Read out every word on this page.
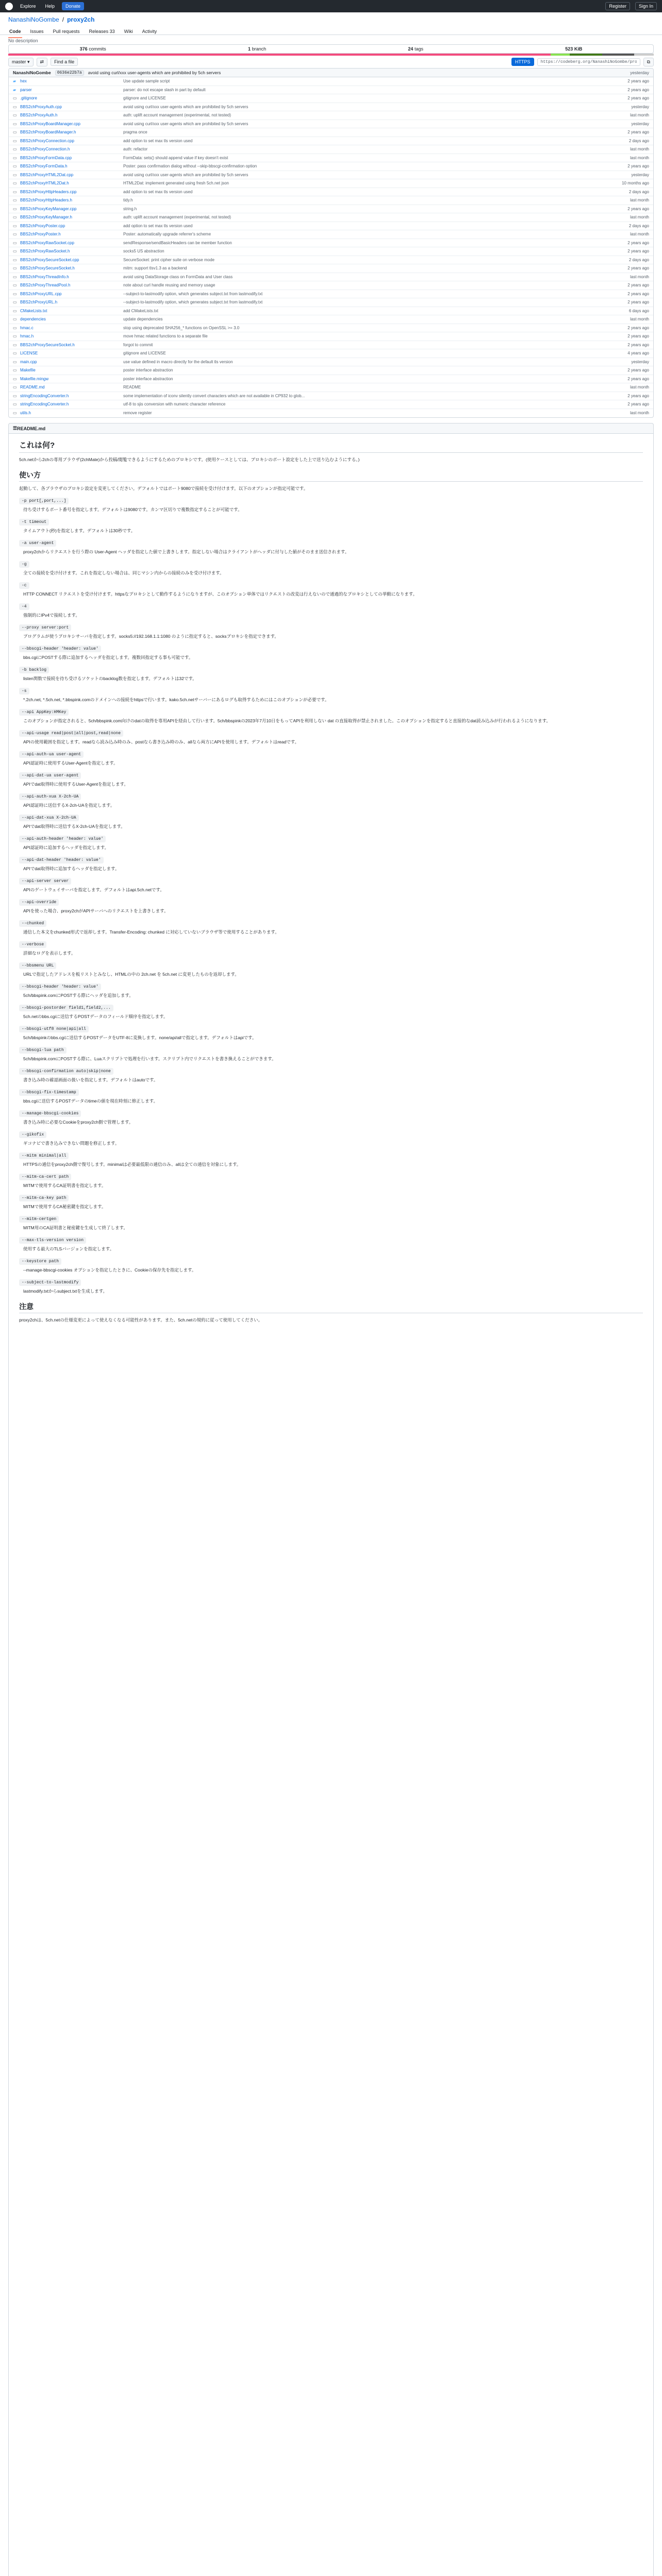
Explore	Help	Donate	Register	Sign In
NanashiNoGombe / proxy2ch
Code Issues Pull requests Releases 33 Wiki Activity
No description
376 commits	1 branch	24 tags	523 KiB
master ▾	⇄	Find a file	HTTPS
https://codeberg.org/NanashiNoGombe/proxy2ch.git	⧉
NanashiNoGombe	0636e22b7a	avoid using curl/xxx user-agents which are prohibited by 5ch servers	yesterday
▰ hex	Use update sample script	2 years ago
▰ parser	parser: do not escape slash in part by default	2 years ago
▭ .gitignore	gitignore and LICENSE	2 years ago
▭ BBS2chProxyAuth.cpp	avoid using curl/xxx user-agents which are prohibited by 5ch servers	yesterday
▭ BBS2chProxyAuth.h	auth: uplift account management (experimental, not tested)	last month
▭ BBS2chProxyBoardManager.cpp	avoid using curl/xxx user-agents which are prohibited by 5ch servers	yesterday
▭ BBS2chProxyBoardManager.h	pragma once	2 years ago
▭ BBS2chProxyConnection.cpp	add option to set max tls version used	2 days ago
▭ BBS2chProxyConnection.h	auth: refactor	last month
▭ BBS2chProxyFormData.cpp	FormData: sets() should append value if key doesn't exist	last month
▭ BBS2chProxyFormData.h	Poster: pass confirmation dialog without --skip-bbscgi-confirmation option	2 years ago
▭ BBS2chProxyHTML2Dat.cpp	avoid using curl/xxx user-agents which are prohibited by 5ch servers	yesterday
▭ BBS2chProxyHTML2Dat.h	HTML2Dat: implement generated using fresh 5ch.net json	10 months ago
▭ BBS2chProxyHttpHeaders.cpp	add option to set max tls version used	2 days ago
▭ BBS2chProxyHttpHeaders.h	tidy.h	last month
▭ BBS2chProxyKeyManager.cpp	string.h	2 years ago
▭ BBS2chProxyKeyManager.h	auth: uplift account management (experimental, not tested)	last month
▭ BBS2chProxyPoster.cpp	add option to set max tls version used	2 days ago
▭ BBS2chProxyPoster.h	Poster: automatically upgrade referrer's scheme	last month
▭ BBS2chProxyRawSocket.cpp	sendResponse/sendBasicHeaders can be member function	2 years ago
▭ BBS2chProxyRawSocket.h	socks5 US abstraction	2 years ago
▭ BBS2chProxySecureSocket.cpp	SecureSocket: print cipher suite on verbose mode	2 days ago
▭ BBS2chProxySecureSocket.h	mitm: support tlsv1.3 as a backend	2 years ago
▭ BBS2chProxyThreadInfo.h	avoid using DataStorage class on FormData and User class	last month
▭ BBS2chProxyThreadPool.h	note about curl handle reusing and memory usage	2 years ago
▭ BBS2chProxyURL.cpp	--subject-to-lastmodify option, which generates subject.txt from lastmodify.txt	2 years ago
▭ BBS2chProxyURL.h	--subject-to-lastmodify option, which generates subject.txt from lastmodify.txt	2 years ago
▭ CMakeLists.txt	add CMakeLists.txt	6 days ago
▭ dependencies	update dependencies	last month
▭ hmac.c	stop using deprecated SHA256_* functions on OpenSSL >= 3.0	2 years ago
▭ hmac.h	move hmac related functions to a separate file	2 years ago
▭ BBS2chProxySecureSocket.h	forgot to commit	2 years ago
▭ LICENSE	gitignore and LICENSE	4 years ago
▭ main.cpp	use value defined in macro directly for the default tls version	yesterday
▭ Makefile	poster interface abstraction	2 years ago
▭ Makefile.mingw	poster interface abstraction	2 years ago
▭ README.md	README	last month
▭ stringEncodingConverter.h	some implementation of iconv silently convert characters which are not available in CP932 to glob...	2 years ago
▭ stringEncodingConverter.h	utf-8 to sjis conversion with numeric character reference	2 years ago
▭ utils.h	remove register	last month
☰ README.md
これは何?

5ch.netから2chの専用ブラウザ(2chMate)から投稿/閲覧できるようにするためのプロキシです。(使用ケースとしては、プロキシのポート設定をした上で送り込むようにする。)

使い方

起動して、各ブラウザのプロキシ設定を変更してください。デフォルトではポート9080で接続を受け付けます。以下のオプションが指定可能です。

-p port[,port,...]
待ち受けするポート番号を指定します。デフォルトは9080です。カンマ区切りで複数指定することが可能です。
-t timeout
タイムアウト(秒)を指定します。デフォルトは30秒です。
-a user-agent
proxy2chからリクエストを行う際の User-Agent ヘッダを指定した値で上書きします。指定しない場合はクライアントがヘッダに付与した値がそのまま送信されます。
-g
全ての接続を受け付けます。これを指定しない場合は、同じマシン内からの接続のみを受け付けます。
-c
HTTP CONNECT リクエストを受け付けます。httpsなプロキシとして動作するようになりますが、このオプション単体ではリクエストの改変は行えないので通過的なプロキシとしての挙動になります。
-4
強制的にIPv4で接続します。
--proxy server:port
プログラムが使うプロキシサーバを指定します。socks5://192.168.1.1:1080 のように指定すると、socksプロキシを指定できます。
--bbscgi-header 'header: value'
bbs.cgiにPOSTする際に追加するヘッダを指定します。複数回指定する事も可能です。
-b backlog
listen関数で接続を待ち受けるソケットのbacklog数を指定します。デフォルトは32です。
-s
*.2ch.net, *.5ch.net, *.bbspink.comのドメインへの接続をhttpsで行います。kako.5ch.netサーバーにあるログも取得するためにはこのオプションが必要です。
--api AppKey:HMKey
このオプションが指定されると、5ch/bbspink.com向けのdatの取得を専用APIを経由して行います。5ch/bbspinkの2023年7月10日をもってAPIを利用しない dat の直接取得が禁止されました。このオプションを指定すると直接的なdat読み込みが行われるようになります。
--api-usage read|post|all|post,read|none
APIの使用範囲を指定します。readなら読み込み時のみ、postなら書き込み時のみ、allなら両方にAPIを使用します。デフォルトはreadです。
--api-auth-ua user-agent
API認証時に使用するUser-Agentを指定します。
--api-dat-ua user-agent
APIでdat取得時に使用するUser-Agentを指定します。
--api-auth-xua X-2ch-UA
API認証時に送信するX-2ch-UAを指定します。
--api-dat-xua X-2ch-UA
APIでdat取得時に送信するX-2ch-UAを指定します。
--api-auth-header 'header: value'
API認証時に追加するヘッダを指定します。
--api-dat-header 'header: value'
APIでdat取得時に追加するヘッダを指定します。
--api-server server
APIのゲートウェイサーバを指定します。デフォルトはapi.5ch.netです。
--api-override
APIを使った場合、proxy2chがAPIサーバへのリクエストを上書きします。
--chunked
通信した本文をchunked形式で返却します。Transfer-Encoding: chunked に対応していないブラウザ等で使用することがあります。
--verbose
詳細なログを表示します。
--bbsmenu URL
URLで指定したアドレスを板リストとみなし、HTMLの中の 2ch.net を 5ch.net に変更したものを返却します。
--bbscgi-header 'header: value'
5ch/bbspink.comにPOSTする際にヘッダを追加します。
--bbscgi-postorder field1,field2,...
5ch.netのbbs.cgiに送信するPOSTデータのフィールド順序を指定します。
--bbscgi-utf8 none|api|all
5ch/bbspinkのbbs.cgiに送信するPOSTデータをUTF-8に変換します。none/api/allで指定します。デフォルトはapiです。
--bbscgi-lua path
5ch/bbspink.comにPOSTする際に、Luaスクリプトで処理を行います。スクリプト内でリクエストを書き換えることができます。
--bbscgi-confirmation auto|skip|none
書き込み時の確認画面の扱いを指定します。デフォルトはautoです。
--bbscgi-fix-timestamp
bbs.cgiに送信するPOSTデータのtimeの値を現在時刻に修正します。
--manage-bbscgi-cookies
書き込み時に必要なCookieをproxy2ch側で管理します。
--gikofix
ギコナビで書き込みできない問題を修正します。
--mitm minimal|all
HTTPSの通信をproxy2ch側で復号します。minimalは必要最低限の通信のみ、allは全ての通信を対象にします。
--mitm-ca-cert path
MITMで使用するCA証明書を指定します。
--mitm-ca-key path
MITMで使用するCA秘密鍵を指定します。
--mitm-certgen
MITM用のCA証明書と秘密鍵を生成して終了します。
--max-tls-version version
使用する最大のTLSバージョンを指定します。
--keystore path
--manage-bbscgi-cookies オプションを指定したときに、Cookieの保存先を指定します。
--subject-to-lastmodify
lastmodify.txtからsubject.txtを生成します。
注意

proxy2chは、5ch.netの仕様変更によって使えなくなる可能性があります。また、5ch.netの規約に従って使用してください。
